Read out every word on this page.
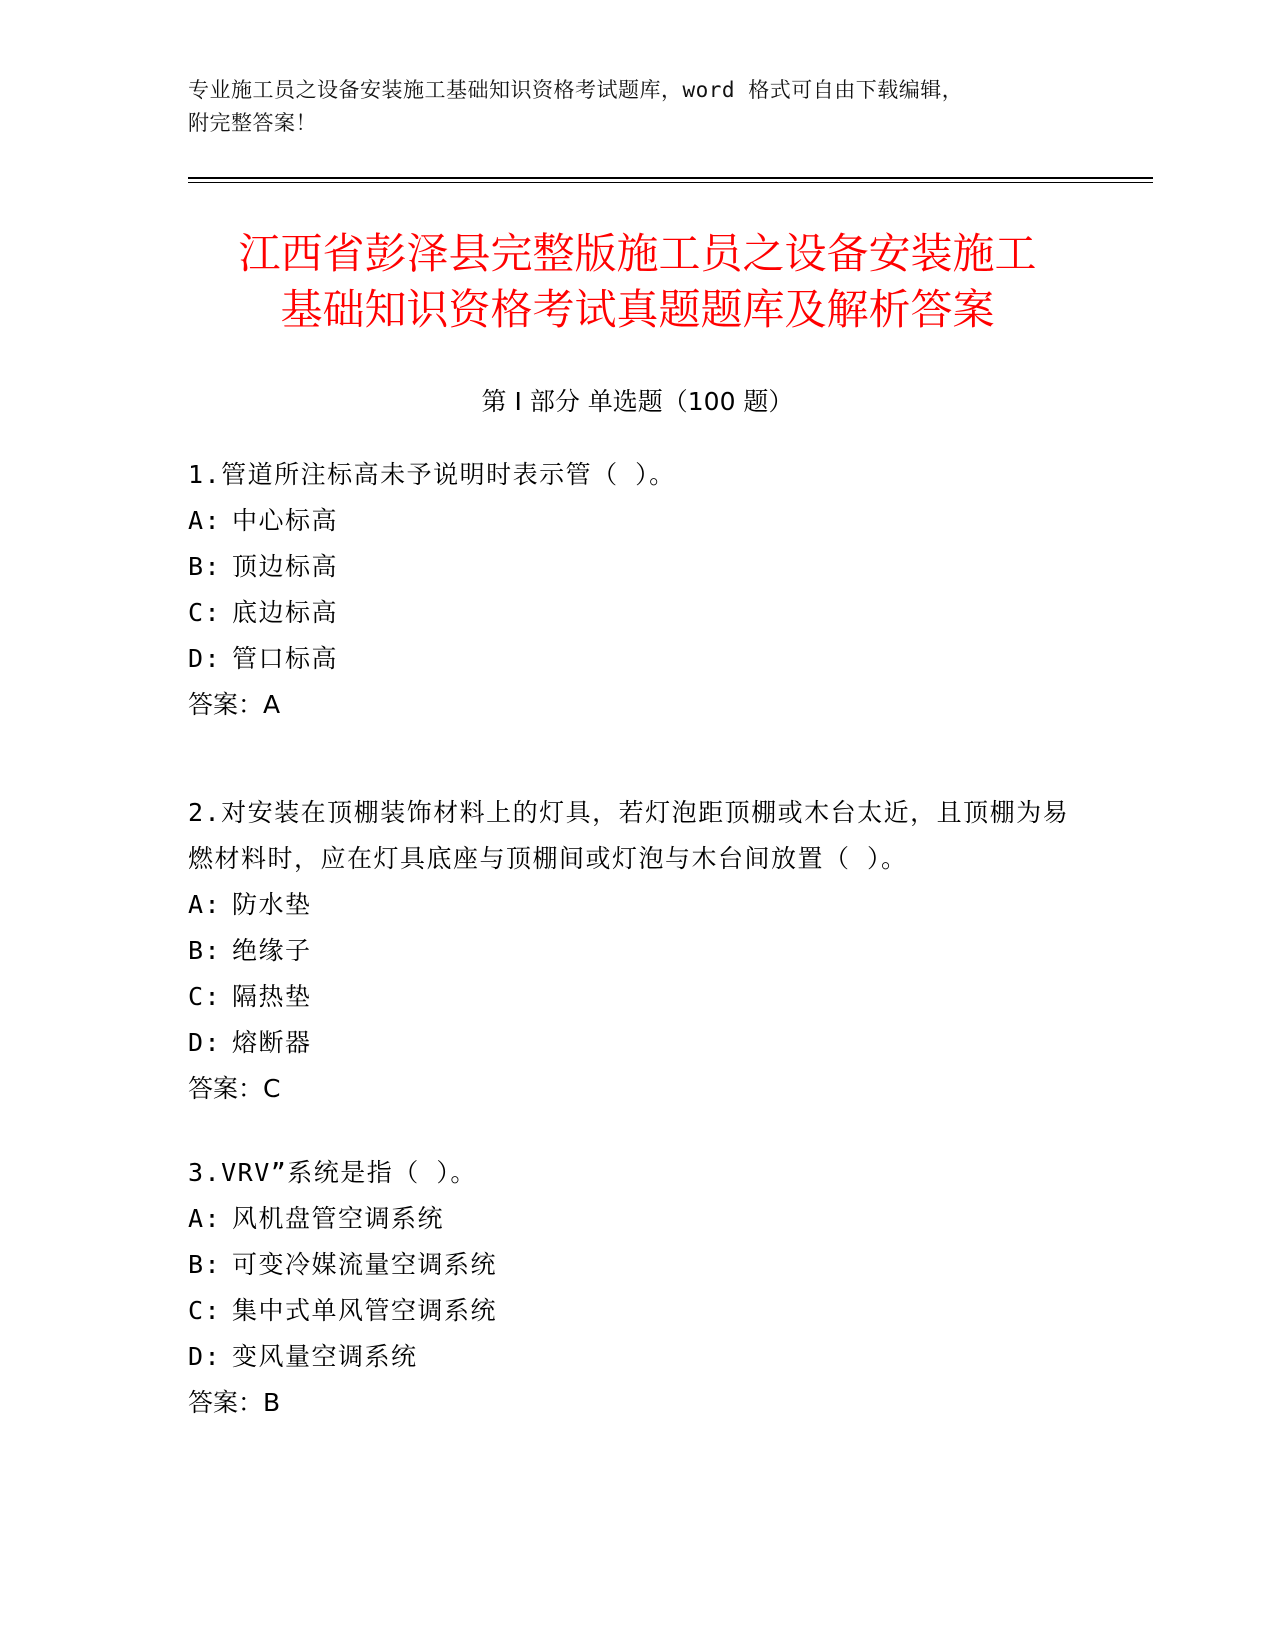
专业施工员之设备安装施工基础知识资格考试题库，word 格式可自由下载编辑，
附完整答案！
江西省彭泽县完整版施工员之设备安装施工
基础知识资格考试真题题库及解析答案
第 I 部分 单选题（100 题）

1.管道所注标高未予说明时表示管（ ）。

A: 中心标高
B: 顶边标高
C: 底边标高
D: 管口标高
答案：A

2.对安装在顶棚装饰材料上的灯具，若灯泡距顶棚或木台太近，且顶棚为易燃材料时，应在灯具底座与顶棚间或灯泡与木台间放置（ ）。

A: 防水垫
B: 绝缘子
C: 隔热垫
D: 熔断器
答案：C

3.VRV”系统是指（ ）。

A: 风机盘管空调系统
B: 可变冷媒流量空调系统
C: 集中式单风管空调系统
D: 变风量空调系统
答案：B
